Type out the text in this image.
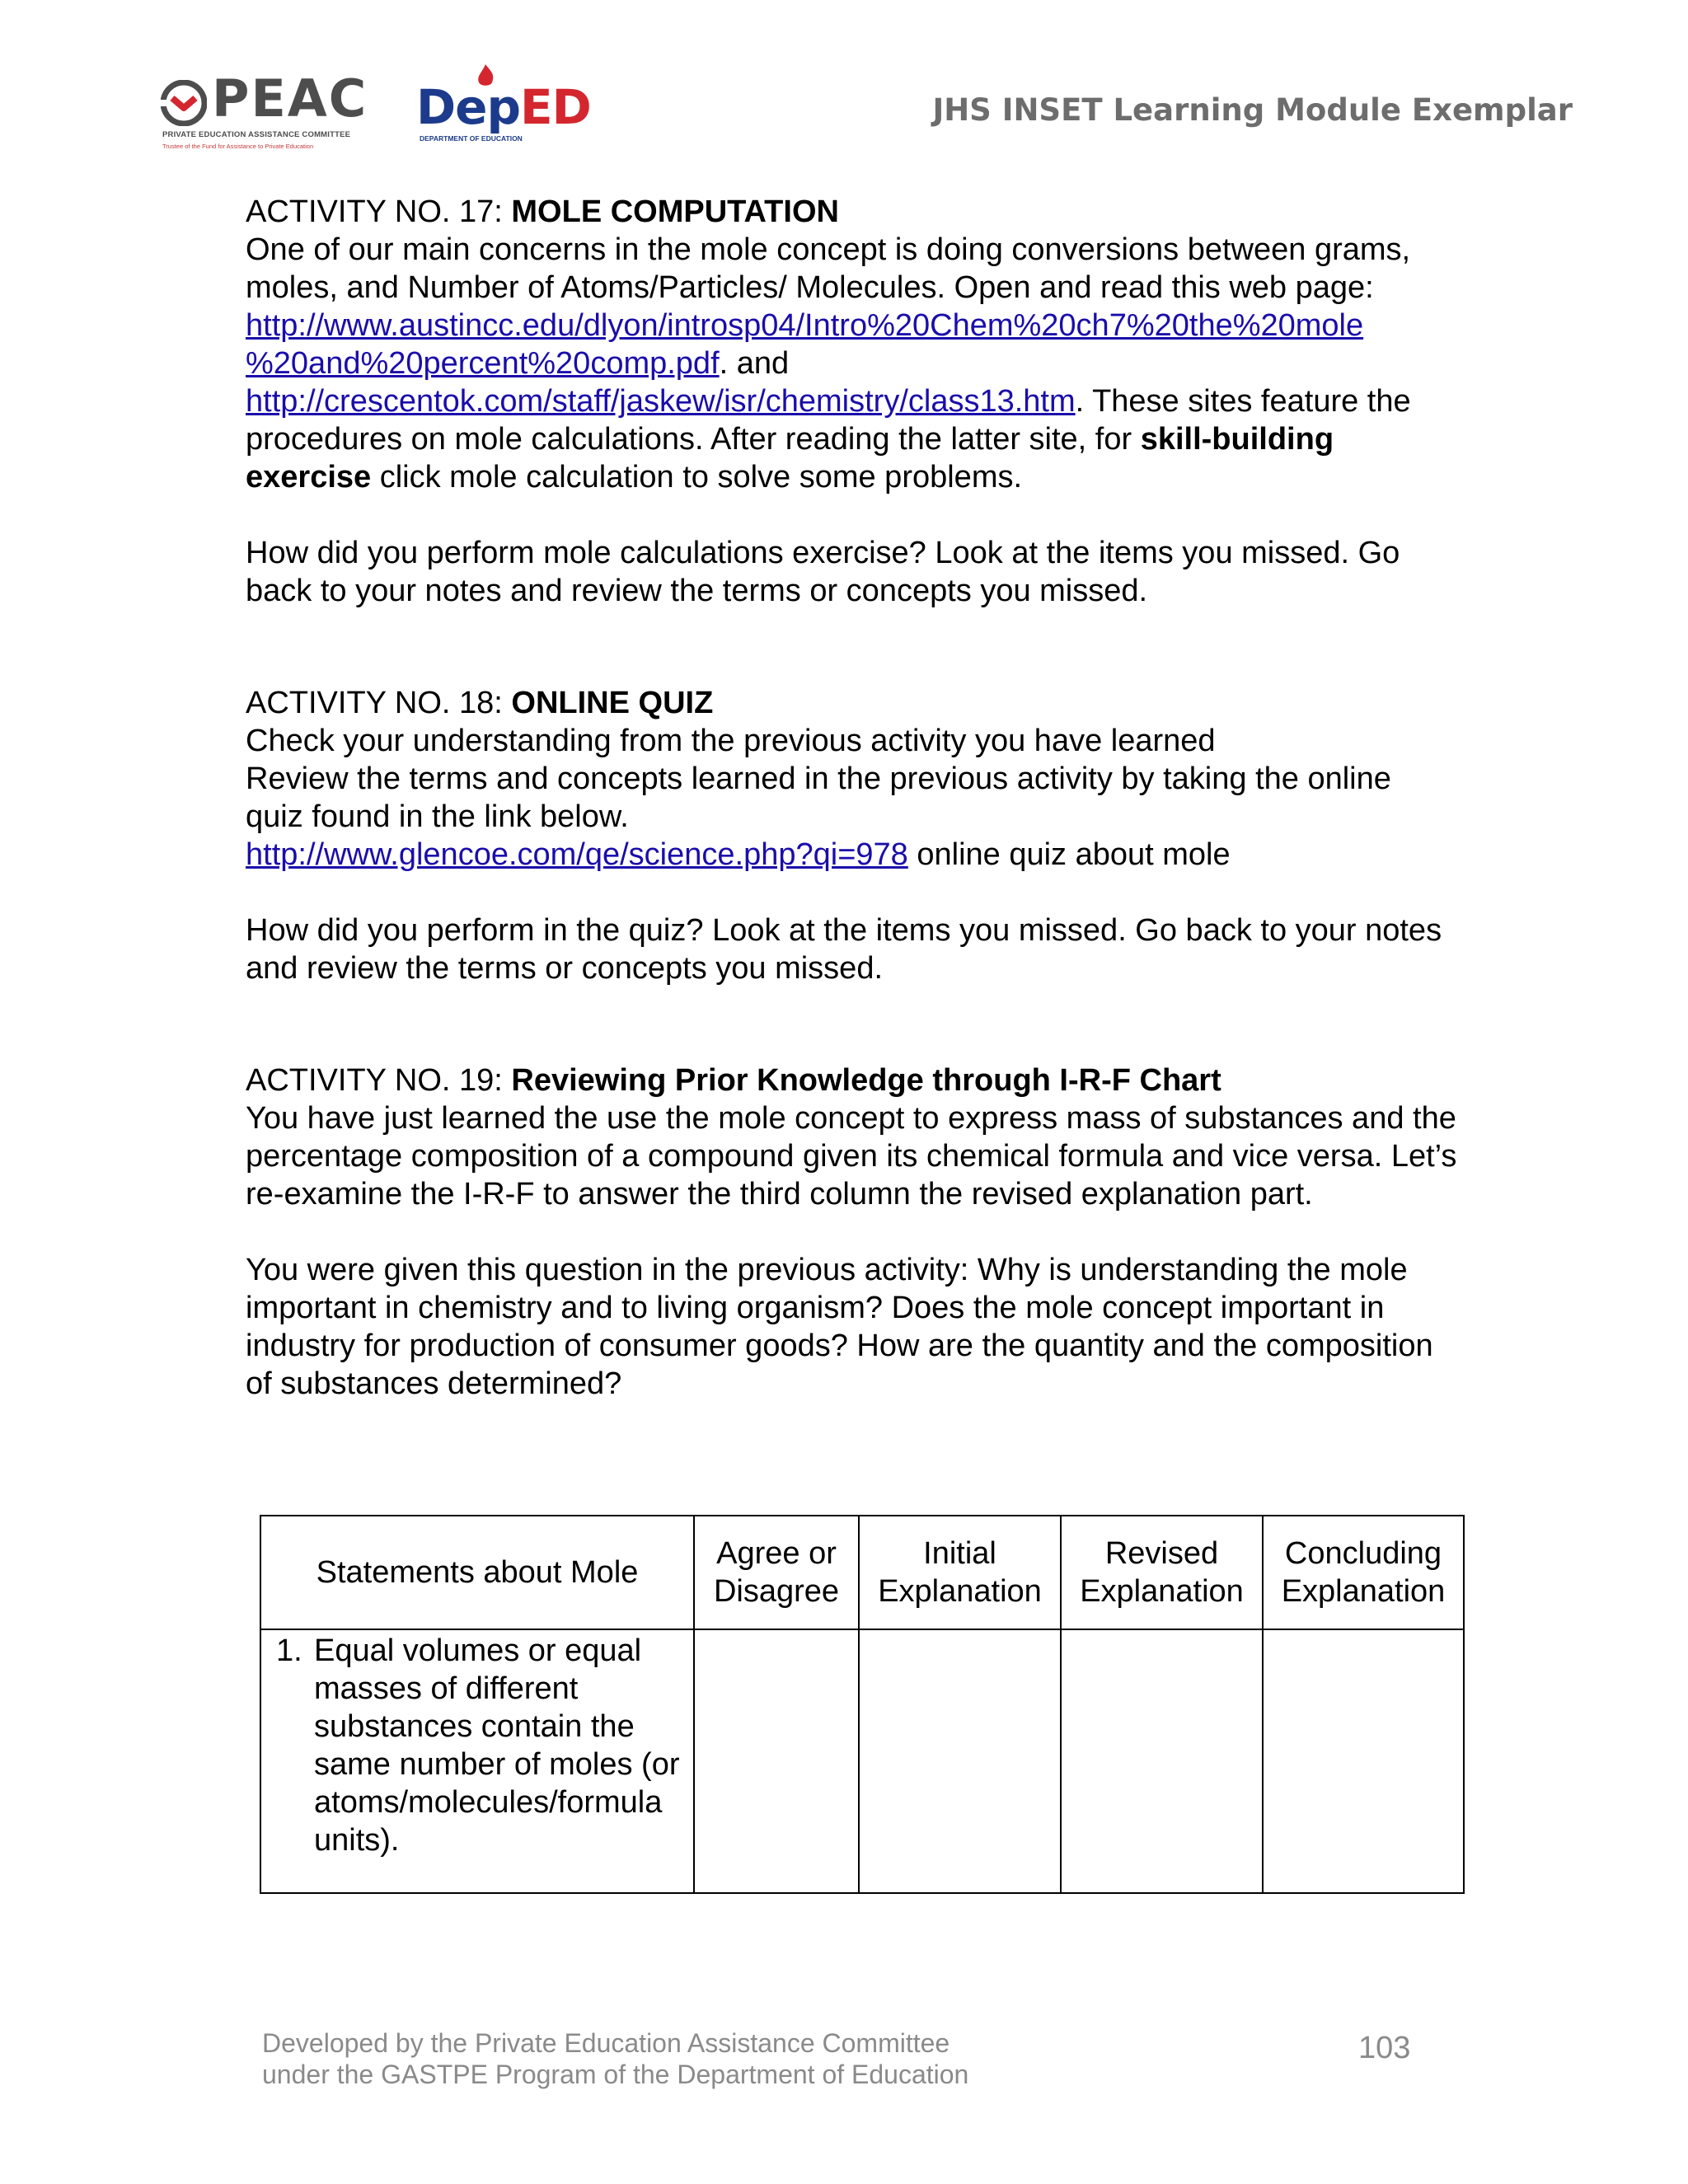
PEAC
PRIVATE EDUCATION ASSISTANCE COMMITTEE
Trustee of the Fund for Assistance to Private Education
DepED
DEPARTMENT OF EDUCATION
JHS INSET Learning Module Exemplar

ACTIVITY NO. 17: MOLE COMPUTATION

One of our main concerns in the mole concept is doing conversions between grams, moles, and Number of Atoms/Particles/ Molecules. Open and read this web page:
http://www.austincc.edu/dlyon/introsp04/Intro%20Chem%20ch7%20the%20mole
%20and%20percent%20comp.pdf. and
http://crescentok.com/staff/jaskew/isr/chemistry/class13.htm. These sites feature the procedures on mole calculations. After reading the latter site, for skill-building exercise click mole calculation to solve some problems.

How did you perform mole calculations exercise? Look at the items you missed. Go back to your notes and review the terms or concepts you missed.

ACTIVITY NO. 18: ONLINE QUIZ

Check your understanding from the previous activity you have learned

Review the terms and concepts learned in the previous activity by taking the online quiz found in the link below.

http://www.glencoe.com/qe/science.php?qi=978 online quiz about mole

How did you perform in the quiz? Look at the items you missed. Go back to your notes and review the terms or concepts you missed.

ACTIVITY NO. 19: Reviewing Prior Knowledge through I-R-F Chart

You have just learned the use the mole concept to express mass of substances and the percentage composition of a compound given its chemical formula and vice versa. Let’s re-examine the I-R-F to answer the third column the revised explanation part.

You were given this question in the previous activity: Why is understanding the mole important in chemistry and to living organism? Does the mole concept important in industry for production of consumer goods? How are the quantity and the composition of substances determined?

Statements about Mole	Agree or Disagree	Initial Explanation	Revised Explanation	Concluding Explanation

1. Equal volumes or equal masses of different substances contain the same number of moles (or atoms/molecules/formula units).				

Developed by the Private Education Assistance Committee
under the GASTPE Program of the Department of Education
103
